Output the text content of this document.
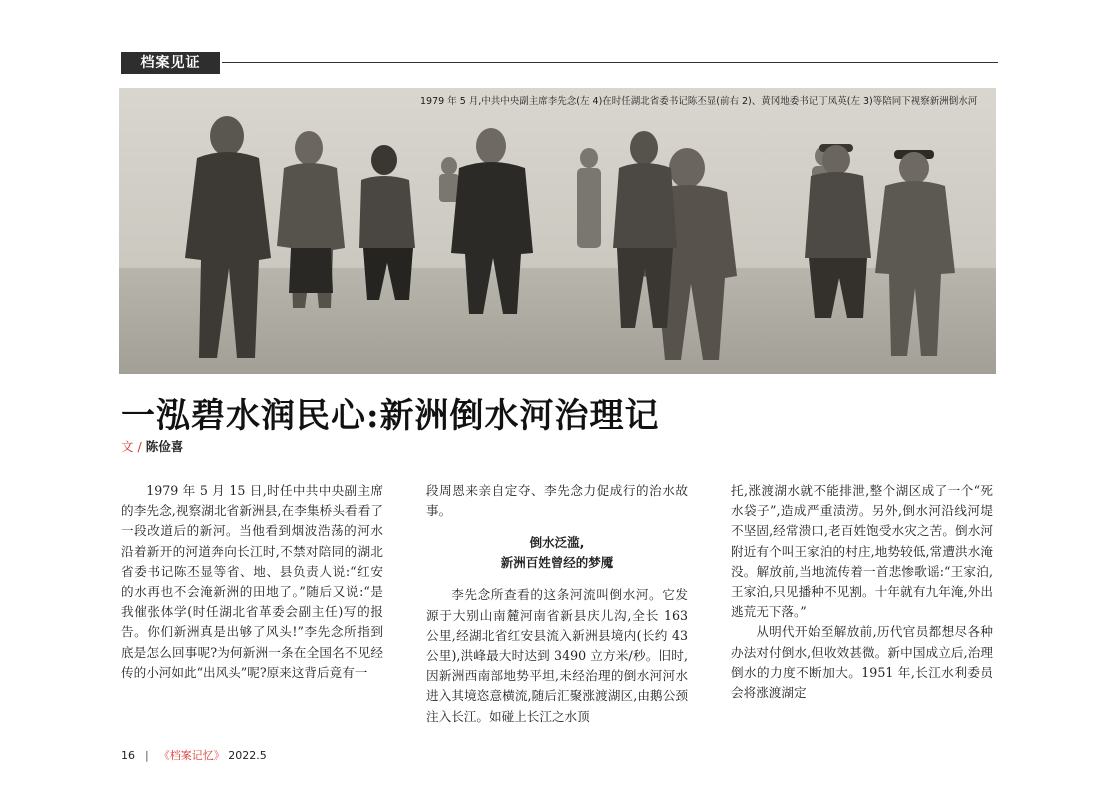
档案见证
1979 年 5 月,中共中央副主席李先念(左 4)在时任湖北省委书记陈丕显(前右 2)、黄冈地委书记丁凤英(左 3)等陪同下视察新洲倒水河
一泓碧水润民心:新洲倒水河治理记
文 / 陈俭喜

1979 年 5 月 15 日,时任中共中央副主席的李先念,视察湖北省新洲县,在李集桥头看看了一段改道后的新河。当他看到烟波浩荡的河水沿着新开的河道奔向长江时,不禁对陪同的湖北省委书记陈丕显等省、地、县负责人说:“红安的水再也不会淹新洲的田地了。”随后又说:“是我催张体学(时任湖北省革委会副主任)写的报告。你们新洲真是出够了风头!”李先念所指到底是怎么回事呢?为何新洲一条在全国名不见经传的小河如此“出风头”呢?原来这背后竟有一

段周恩来亲自定夺、李先念力促成行的治水故事。

倒水泛滥,
新洲百姓曾经的梦魇

李先念所查看的这条河流叫倒水河。它发源于大别山南麓河南省新县庆儿沟,全长 163 公里,经湖北省红安县流入新洲县境内(长约 43 公里),洪峰最大时达到 3490 立方米/秒。旧时,因新洲西南部地势平坦,未经治理的倒水河河水进入其境恣意横流,随后汇聚涨渡湖区,由鹅公颈注入长江。如碰上长江之水顶

托,涨渡湖水就不能排泄,整个湖区成了一个“死水袋子”,造成严重渍涝。另外,倒水河沿线河堤不坚固,经常溃口,老百姓饱受水灾之苦。倒水河附近有个叫王家泊的村庄,地势较低,常遭洪水淹没。解放前,当地流传着一首悲惨歌谣:“王家泊,王家泊,只见播种不见割。十年就有九年淹,外出逃荒无下落。”

从明代开始至解放前,历代官员都想尽各种办法对付倒水,但收效甚微。新中国成立后,治理倒水的力度不断加大。1951 年,长江水利委员会将涨渡湖定

16 | 《档案记忆》 2022.5
